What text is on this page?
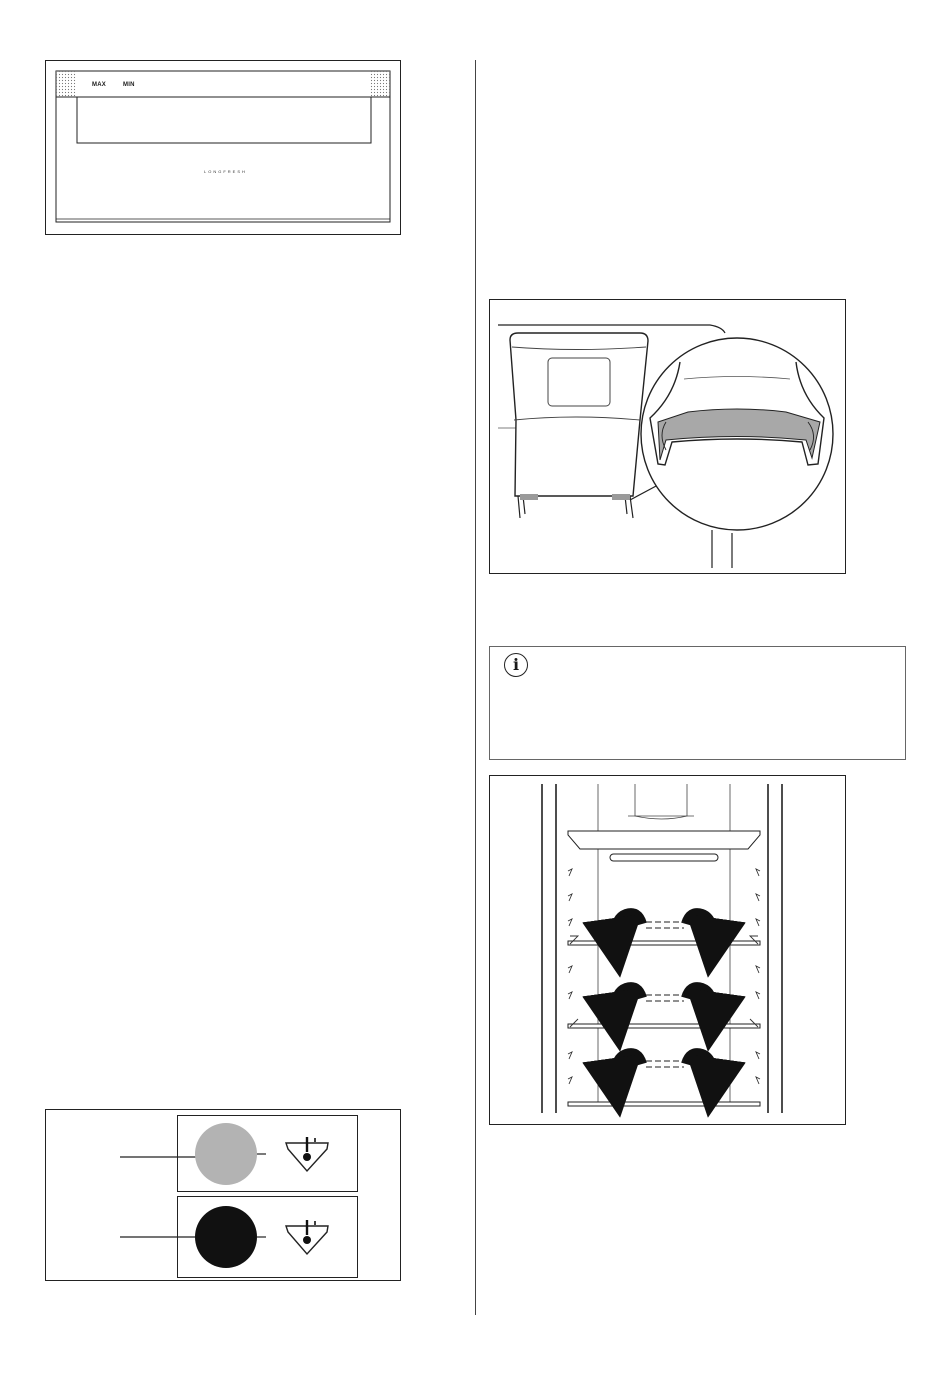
MAX	MIN
LONGFRESH
i
